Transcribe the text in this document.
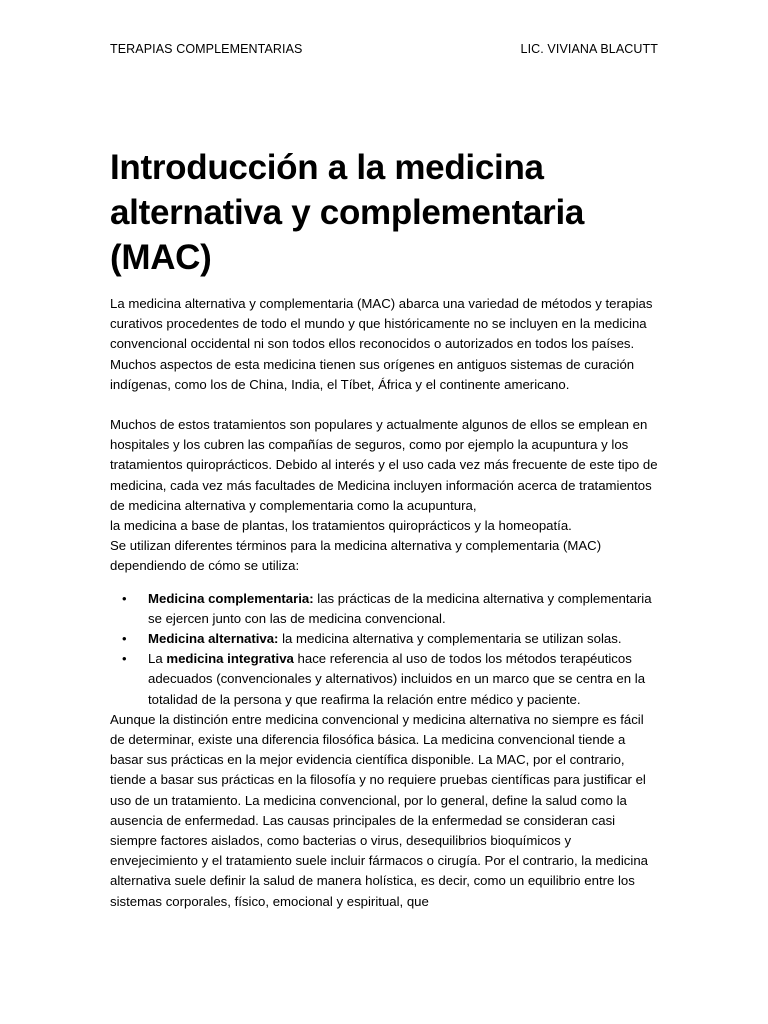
TERAPIAS COMPLEMENTARIAS	LIC. VIVIANA BLACUTT
Introducción a la medicina alternativa y complementaria (MAC)

La medicina alternativa y complementaria (MAC) abarca una variedad de métodos y terapias curativos procedentes de todo el mundo y que históricamente no se incluyen en la medicina convencional occidental ni son todos ellos reconocidos o autorizados en todos los países. Muchos aspectos de esta medicina tienen sus orígenes en antiguos sistemas de curación indígenas, como los de China, India, el Tíbet, África y el continente americano.

Muchos de estos tratamientos son populares y actualmente algunos de ellos se emplean en hospitales y los cubren las compañías de seguros, como por ejemplo la acupuntura y los tratamientos quiroprácticos. Debido al interés y el uso cada vez más frecuente de este tipo de medicina, cada vez más facultades de Medicina incluyen información acerca de tratamientos de medicina alternativa y complementaria como la acupuntura,

la medicina a base de plantas, los tratamientos quiroprácticos y la homeopatía.

Se utilizan diferentes términos para la medicina alternativa y complementaria (MAC) dependiendo de cómo se utiliza:

• Medicina complementaria: las prácticas de la medicina alternativa y complementaria se ejercen junto con las de medicina convencional.
• Medicina alternativa: la medicina alternativa y complementaria se utilizan solas.
• La medicina integrativa hace referencia al uso de todos los métodos terapéuticos adecuados (convencionales y alternativos) incluidos en un marco que se centra en la totalidad de la persona y que reafirma la relación entre médico y paciente.

Aunque la distinción entre medicina convencional y medicina alternativa no siempre es fácil de determinar, existe una diferencia filosófica básica. La medicina convencional tiende a basar sus prácticas en la mejor evidencia científica disponible. La MAC, por el contrario, tiende a basar sus prácticas en la filosofía y no requiere pruebas científicas para justificar el uso de un tratamiento. La medicina convencional, por lo general, define la salud como la ausencia de enfermedad. Las causas principales de la enfermedad se consideran casi siempre factores aislados, como bacterias o virus, desequilibrios bioquímicos y envejecimiento y el tratamiento suele incluir fármacos o cirugía. Por el contrario, la medicina alternativa suele definir la salud de manera holística, es decir, como un equilibrio entre los sistemas corporales, físico, emocional y espiritual, que
